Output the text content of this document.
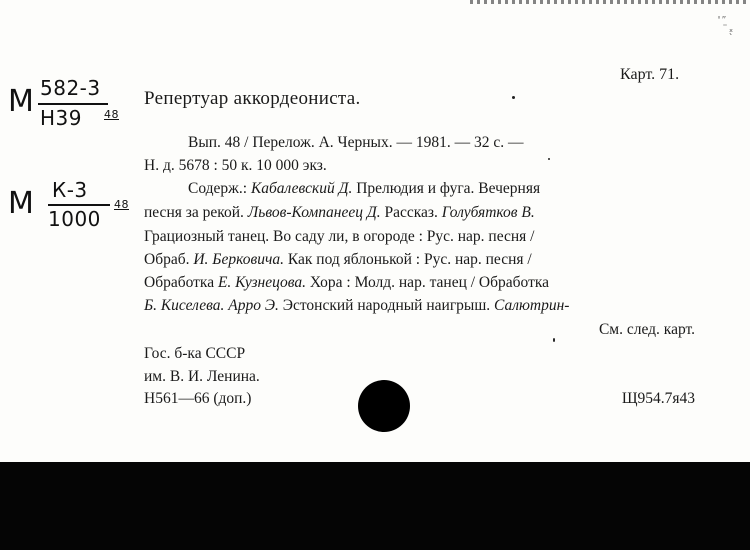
'ʺ
¨ₓ
`
М 582-3
Н39 48
М К-3
1000
48
Карт. 71.
Репертуар аккордеониста.
Вып. 48 / Перелож. А. Черных. — 1981. — 32 с. —
Н. д. 5678 : 50 к. 10 000 экз.
Содерж.: Кабалевский Д. Прелюдия и фуга. Вечерняя
песня за рекой. Львов-Компанеец Д. Рассказ. Голубятков В.
Грациозный танец. Во саду ли, в огороде : Рус. нар. песня /
Обраб. И. Берковича. Как под яблонькой : Рус. нар. песня /
Обработка Е. Кузнецова. Хора : Молд. нар. танец / Обработка
Б. Киселева. Арро Э. Эстонский народный наигрыш. Салютрин-
См. след. карт.
Гос. б-ка СССР
им. В. И. Ленина.
Н561—66 (доп.)	Щ954.7я43
